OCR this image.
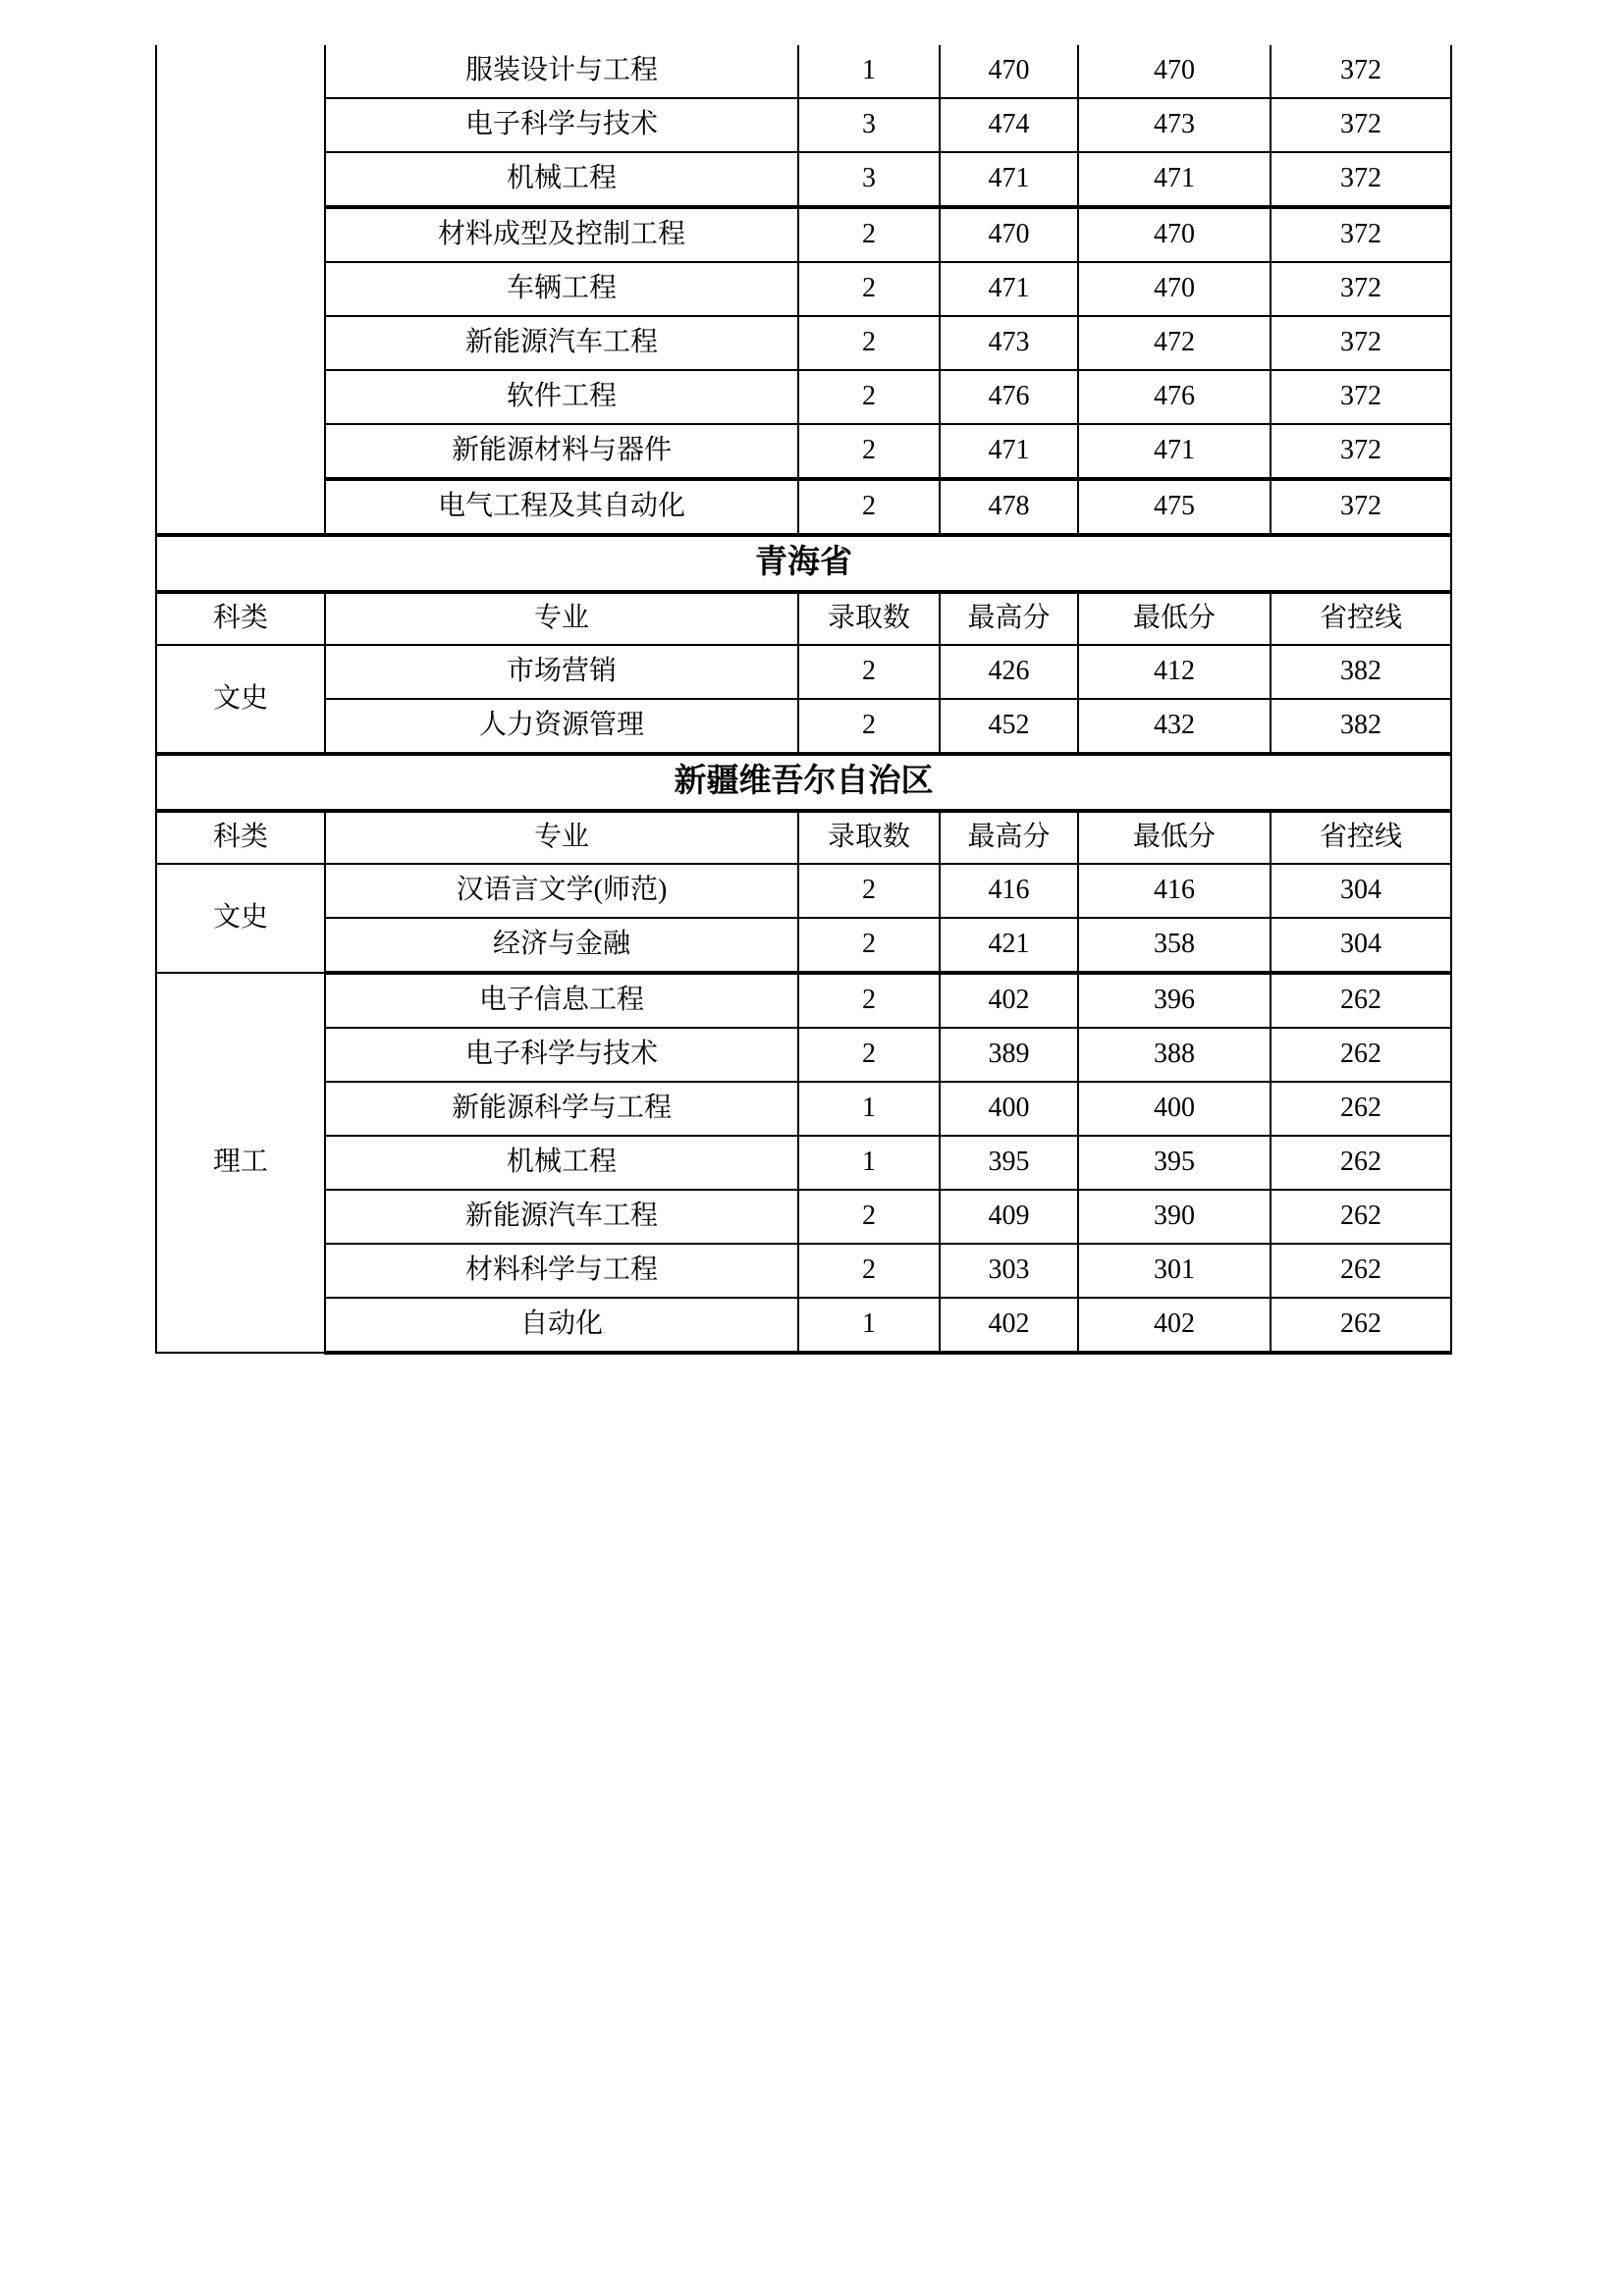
	服装设计与工程	1	470	470	372
	电子科学与技术	3	474	473	372
	机械工程	3	471	471	372
	材料成型及控制工程	2	470	470	372
	车辆工程	2	471	470	372
	新能源汽车工程	2	473	472	372
	软件工程	2	476	476	372
	新能源材料与器件	2	471	471	372
	电气工程及其自动化	2	478	475	372
青海省					
科类	专业	录取数	最高分	最低分	省控线
文史	市场营销	2	426	412	382
	人力资源管理	2	452	432	382
新疆维吾尔自治区					
科类	专业	录取数	最高分	最低分	省控线
文史	汉语言文学(师范)	2	416	416	304
	经济与金融	2	421	358	304
理工	电子信息工程	2	402	396	262
	电子科学与技术	2	389	388	262
	新能源科学与工程	1	400	400	262
	机械工程	1	395	395	262
	新能源汽车工程	2	409	390	262
	材料科学与工程	2	303	301	262
	自动化	1	402	402	262
